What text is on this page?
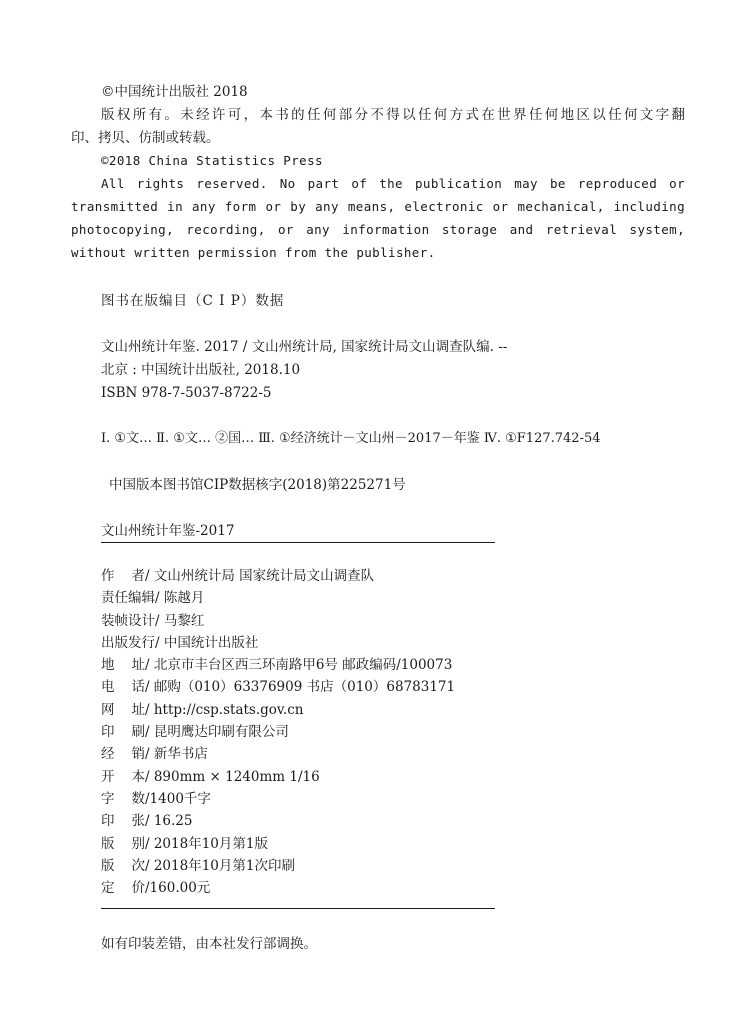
©中国统计出版社 2018
版权所有。未经许可，本书的任何部分不得以任何方式在世界任何地区以任何文字翻
印、拷贝、仿制或转载。
©2018 China Statistics Press
All rights reserved. No part of the publication may be reproduced or
transmitted in any form or by any means, electronic or mechanical, including
photocopying, recording, or any information storage and retrieval system,
without written permission from the publisher.
图书在版编目（C I P）数据
文山州统计年鉴. 2017 / 文山州统计局, 国家统计局文山调查队编. --
北京 : 中国统计出版社, 2018.10
ISBN 978-7-5037-8722-5
Ⅰ. ①文… Ⅱ. ①文… ②国… Ⅲ. ①经济统计－文山州－2017－年鉴 Ⅳ. ①F127.742-54
中国版本图书馆CIP数据核字(2018)第225271号
文山州统计年鉴-2017
作 者 / 文山州统计局 国家统计局文山调查队
责任编辑/ 陈越月
装帧设计/ 马黎红
出版发行/ 中国统计出版社
地 址 / 北京市丰台区西三环南路甲6号 邮政编码/100073
电 话 / 邮购（010）63376909 书店（010）68783171
网 址 / http://csp.stats.gov.cn
印 刷 / 昆明鹰达印刷有限公司
经 销 / 新华书店
开 本 / 890mm × 1240mm 1/16
字 数 /1400千字
印 张 / 16.25
版 别 / 2018年10月第1版
版 次 / 2018年10月第1次印刷
定 价 /160.00元
如有印装差错，由本社发行部调换。
